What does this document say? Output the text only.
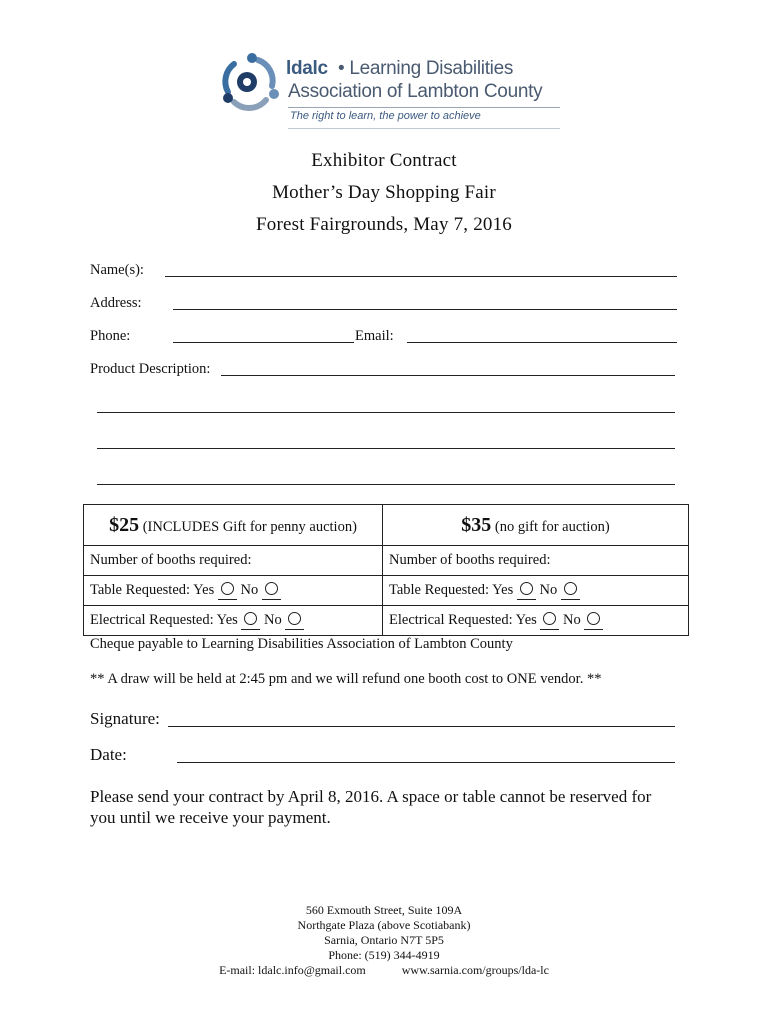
ldalc • Learning Disabilities
Association of Lambton County
The right to learn, the power to achieve
Exhibitor Contract
Mother’s Day Shopping Fair
Forest Fairgrounds, May 7, 2016
Name(s):
Address:
Phone:	Email:
Product Description:
$25 (INCLUDES Gift for penny auction)	$35 (no gift for auction)
Number of booths required:	Number of booths required:
Table Requested: Yes No	Table Requested: Yes No
Electrical Requested: Yes No	Electrical Requested: Yes No
Cheque payable to Learning Disabilities Association of Lambton County
** A draw will be held at 2:45 pm and we will refund one booth cost to ONE vendor. **
Signature:
Date:
Please send your contract by April 8, 2016. A space or table cannot be reserved for
you until we receive your payment.
560 Exmouth Street, Suite 109A
Northgate Plaza (above Scotiabank)
Sarnia, Ontario N7T 5P5
Phone: (519) 344-4919
E-mail: ldalc.info@gmail.com	www.sarnia.com/groups/lda-lc
